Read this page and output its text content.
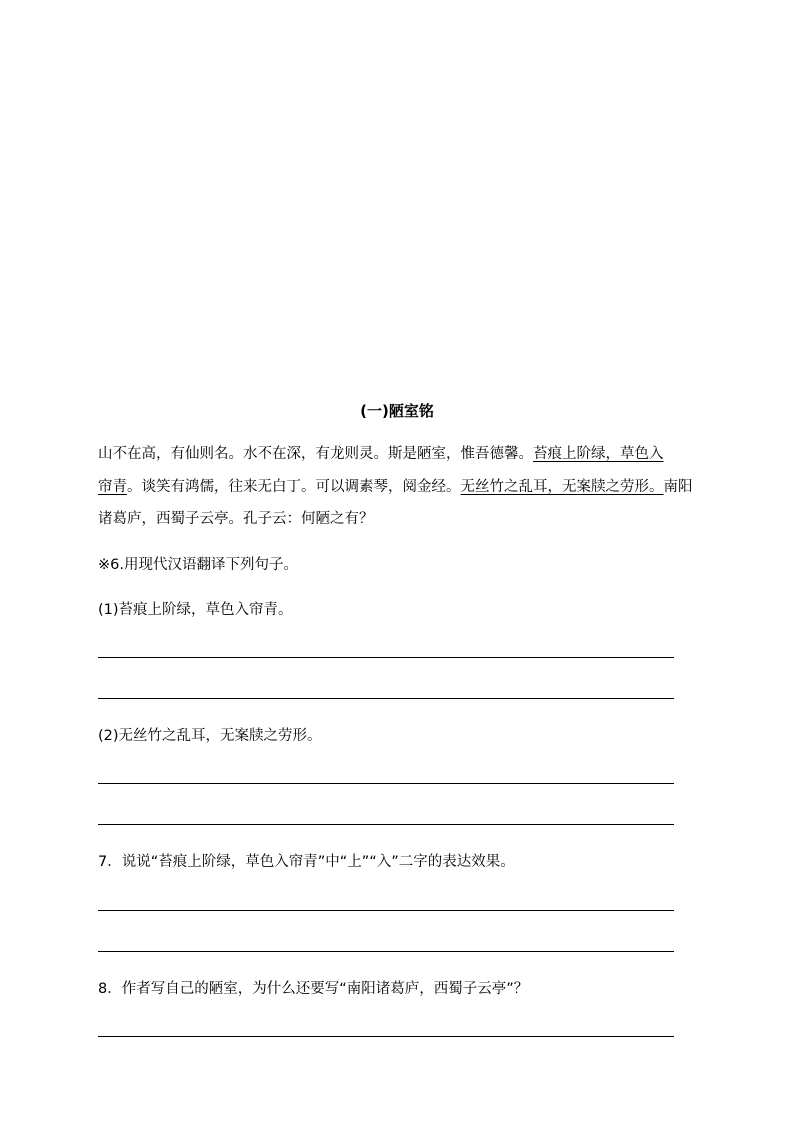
(一)陋室铭
山不在高，有仙则名。水不在深，有龙则灵。斯是陋室，惟吾德馨。苔痕上阶绿，草色入
帘青。谈笑有鸿儒，往来无白丁。可以调素琴，阅金经。无丝竹之乱耳，无案牍之劳形。南阳
诸葛庐，西蜀子云亭。孔子云：何陋之有？
※6.用现代汉语翻译下列句子。
(1)苔痕上阶绿，草色入帘青。
(2)无丝竹之乱耳，无案牍之劳形。
7．说说“苔痕上阶绿，草色入帘青”中“上”“入”二字的表达效果。
8．作者写自己的陋室，为什么还要写“南阳诸葛庐，西蜀子云亭”？
